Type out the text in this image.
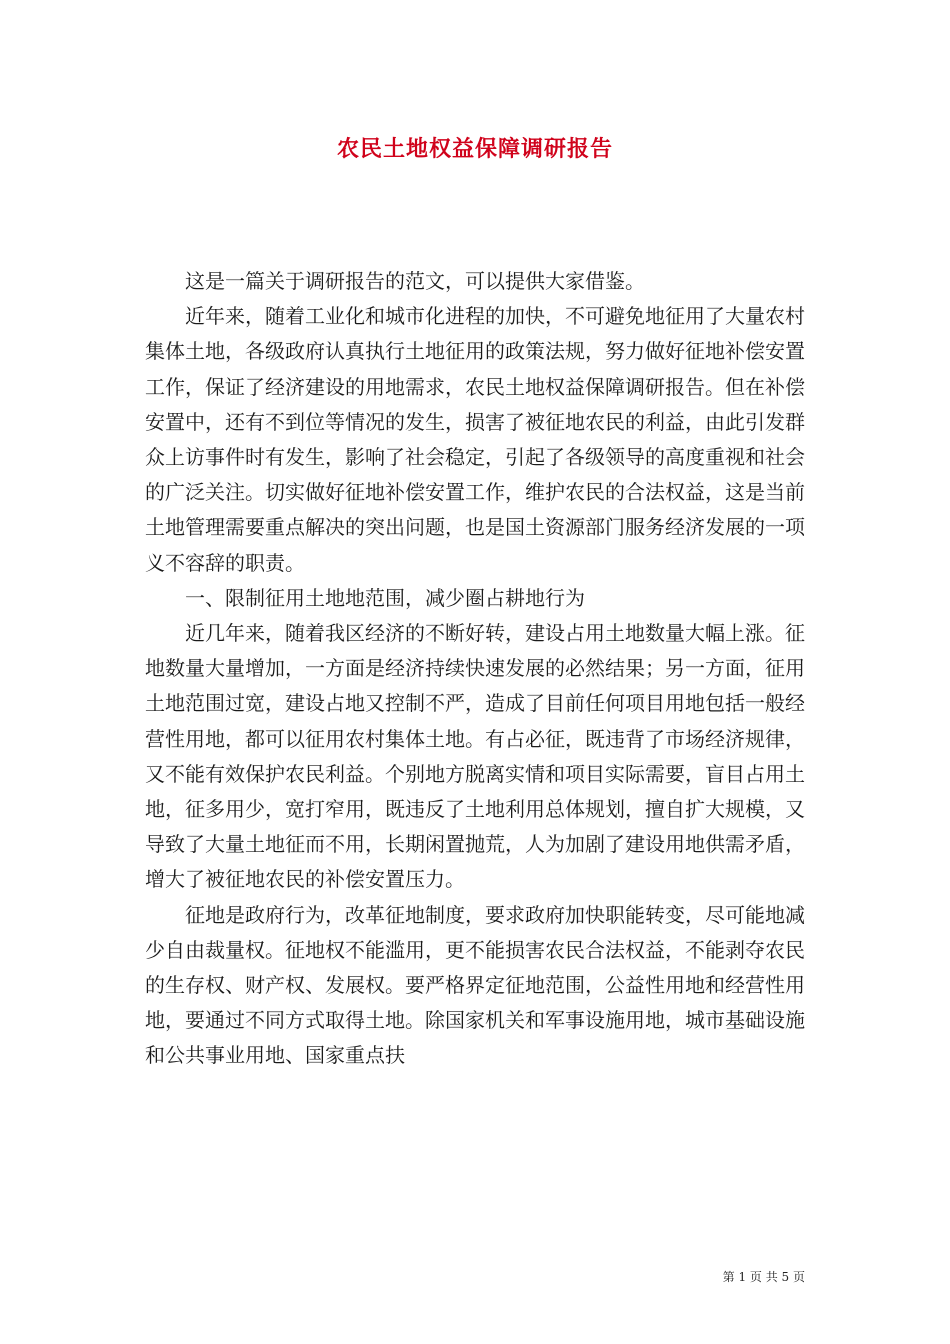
农民土地权益保障调研报告

这是一篇关于调研报告的范文，可以提供大家借鉴。

近年来，随着工业化和城市化进程的加快，不可避免地征用了大量农村集体土地，各级政府认真执行土地征用的政策法规，努力做好征地补偿安置工作，保证了经济建设的用地需求，农民土地权益保障调研报告。但在补偿安置中，还有不到位等情况的发生，损害了被征地农民的利益，由此引发群众上访事件时有发生，影响了社会稳定，引起了各级领导的高度重视和社会的广泛关注。切实做好征地补偿安置工作，维护农民的合法权益，这是当前土地管理需要重点解决的突出问题，也是国土资源部门服务经济发展的一项义不容辞的职责。

一、限制征用土地地范围，减少圈占耕地行为

近几年来，随着我区经济的不断好转，建设占用土地数量大幅上涨。征地数量大量增加，一方面是经济持续快速发展的必然结果；另一方面，征用土地范围过宽，建设占地又控制不严，造成了目前任何项目用地包括一般经营性用地，都可以征用农村集体土地。有占必征，既违背了市场经济规律，又不能有效保护农民利益。个别地方脱离实情和项目实际需要，盲目占用土地，征多用少，宽打窄用，既违反了土地利用总体规划，擅自扩大规模，又导致了大量土地征而不用，长期闲置抛荒，人为加剧了建设用地供需矛盾，增大了被征地农民的补偿安置压力。

征地是政府行为，改革征地制度，要求政府加快职能转变，尽可能地减少自由裁量权。征地权不能滥用，更不能损害农民合法权益，不能剥夺农民的生存权、财产权、发展权。要严格界定征地范围，公益性用地和经营性用地，要通过不同方式取得土地。除国家机关和军事设施用地，城市基础设施和公共事业用地、国家重点扶

第 1 页 共 5 页
